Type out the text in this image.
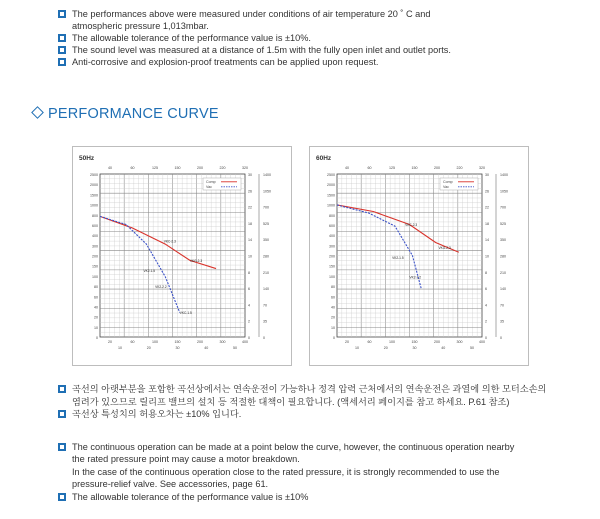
The performances above were measured under conditions of air temperature 20 ˚ C and
atmospheric pressure 1,013mbar.
The allowable tolerance of the performance value is ±10%.
The sound level was measured at a distance of 1.5m with the fully open inlet and outlet ports.
Anti-corrosive and explosion-proof treatments can be applied upon request.
PERFORMANCE CURVE
50Hz
2500
2000
1500
1000
800
600
400
300
200
150
100
80
60
40
20
10
0
30
26
22
18
14
10
8
6
4
2
0
1400
1050
700
525
350
280
210
140
70
35
0
40	60	125	150	200	220	320
20	60	100	150	200	300	400
10	20	30	40	50
Comp
Vac
VKC-2.3
VKG-2.3
VK2-1.5
VK2-2.2
VKC-1.5
60Hz
2500
2000
1500
1000
800
600
400
300
200
150
100
80
60
40
20
10
0
30
26
22
18
14
10
8
6
4
2
0
1400
1050
700
525
350
280
210
140
70
35
0
40	60	125	150	200	220	320
20	60	100	150	200	300	400
10	20	30	40	50
Comp
Vac
VKC-2.3
VKG-2.3
VK2-1.5
VK2-2.2
곡선의 아랫부분을 포함한 곡선상에서는 연속운전이 가능하나 정격 압력 근처에서의 연속운전은 과열에 의한 모터소손의
염려가 있으므로 릴리프 밸브의 설치 등 적절한 대책이 필요합니다. (액세서리 페이지를 참고 하세요. P.61 참조)
곡선상 특성치의 허용오차는 ±10% 입니다.
The continuous operation can be made at a point below the curve, however, the continuous operation nearby
the rated pressure point may cause a motor breakdown.
In the case of the continuous operation close to the rated pressure, it is strongly recommended to use the
pressure-relief valve. See accessories, page 61.
The allowable tolerance of the performance value is ±10%
